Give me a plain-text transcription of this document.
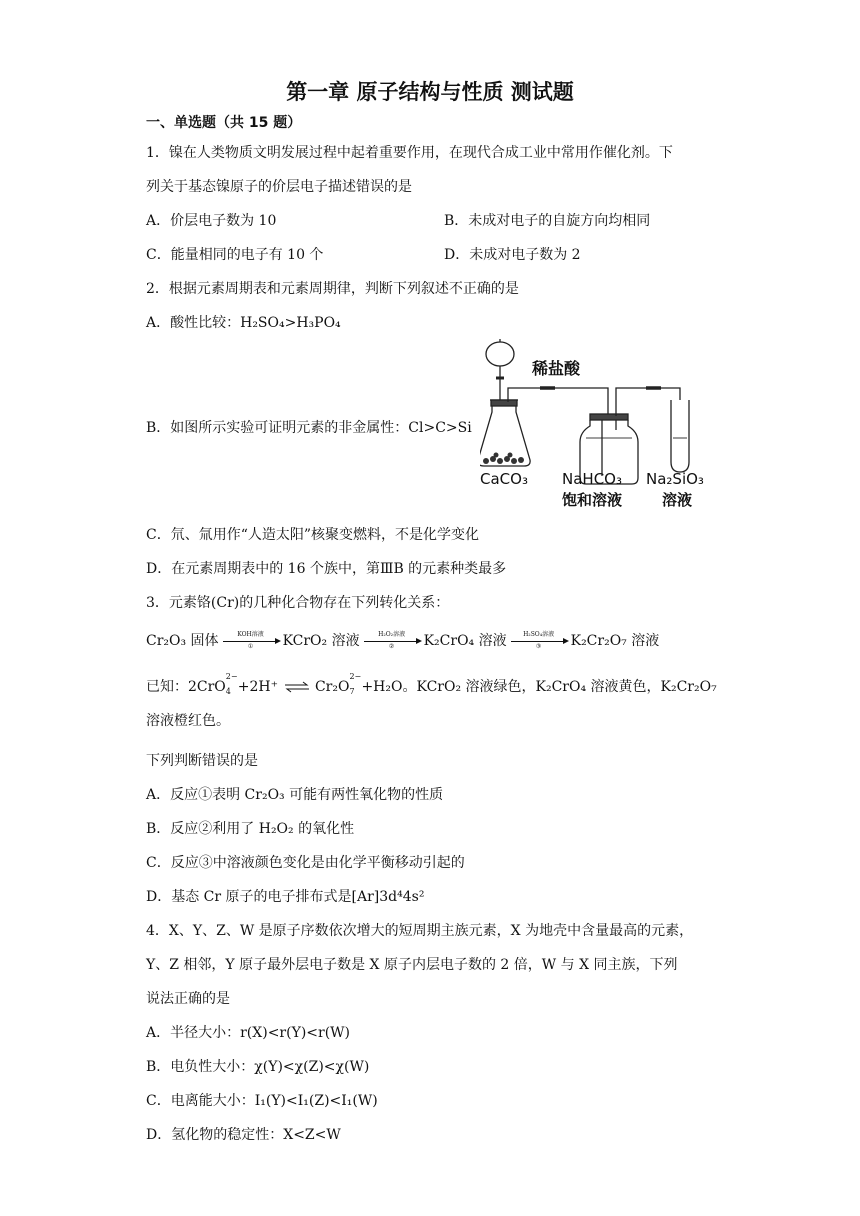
第一章 原子结构与性质 测试题
一、单选题（共 15 题）
1．镍在人类物质文明发展过程中起着重要作用，在现代合成工业中常用作催化剂。下
列关于基态镍原子的价层电子描述错误的是
A．价层电子数为 10	B．未成对电子的自旋方向均相同
C．能量相同的电子有 10 个	D．未成对电子数为 2
2．根据元素周期表和元素周期律，判断下列叙述不正确的是
A．酸性比较：H₂SO₄>H₃PO₄
B．如图所示实验可证明元素的非金属性：Cl>C>Si
稀盐酸
CaCO₃ NaHCO₃
饱和溶液
Na₂SiO₃
溶液
C．氘、氚用作“人造太阳”核聚变燃料，不是化学变化
D．在元素周期表中的 16 个族中，第ⅢB 的元素种类最多
3．元素铬(Cr)的几种化合物存在下列转化关系：
Cr₂O₃ 固体	KOH溶液
①	KCrO₂ 溶液	H₂O₂溶液
②	K₂CrO₄ 溶液	H₂SO₄溶液
③	K₂Cr₂O₇ 溶液
已知：2CrO
2−
4 +2H⁺ ⇌ Cr₂O
2−
7 +H₂O。KCrO₂ 溶液绿色，K₂CrO₄ 溶液黄色，K₂Cr₂O₇
溶液橙红色。
下列判断错误的是
A．反应①表明 Cr₂O₃ 可能有两性氧化物的性质
B．反应②利用了 H₂O₂ 的氧化性
C．反应③中溶液颜色变化是由化学平衡移动引起的
D．基态 Cr 原子的电子排布式是[Ar]3d⁴4s²
4．X、Y、Z、W 是原子序数依次增大的短周期主族元素，X 为地壳中含量最高的元素，
Y、Z 相邻，Y 原子最外层电子数是 X 原子内层电子数的 2 倍，W 与 X 同主族，下列
说法正确的是
A．半径大小：r(X)<r(Y)<r(W)
B．电负性大小：χ(Y)<χ(Z)<χ(W)
C．电离能大小：I₁(Y)<I₁(Z)<I₁(W)
D．氢化物的稳定性：X<Z<W
